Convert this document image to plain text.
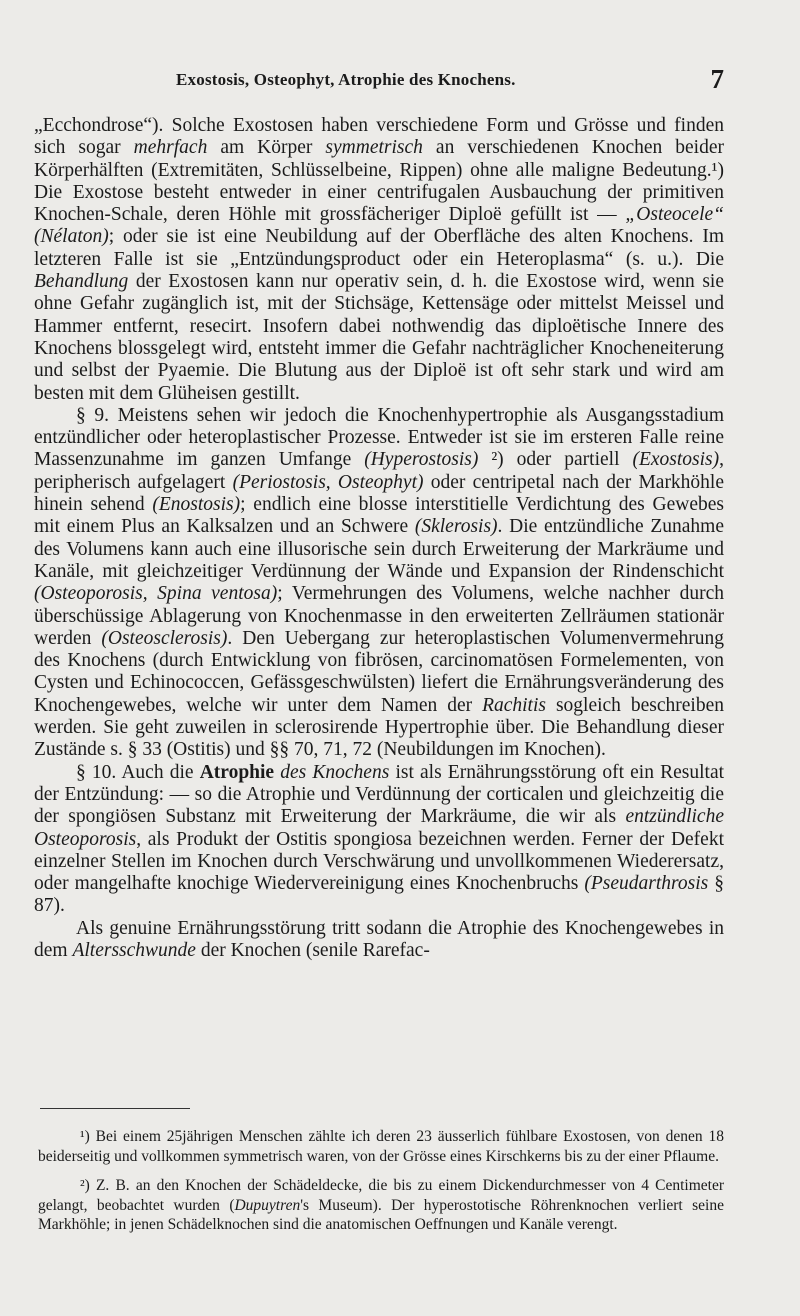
Exostosis, Osteophyt, Atrophie des Knochens.	7

„Ecchondrose“). Solche Exostosen haben verschiedene Form und Grösse und finden sich sogar mehrfach am Körper symmetrisch an verschiedenen Knochen beider Körperhälften (Extremitäten, Schlüsselbeine, Rippen) ohne alle maligne Bedeutung.¹) Die Exostose besteht entweder in einer centrifugalen Ausbauchung der primitiven Knochen-Schale, deren Höhle mit grossfächeriger Diploë gefüllt ist — „Osteocele“ (Nélaton); oder sie ist eine Neubildung auf der Oberfläche des alten Knochens. Im letzteren Falle ist sie „Entzündungsproduct oder ein Heteroplasma“ (s. u.). Die Behandlung der Exostosen kann nur operativ sein, d. h. die Exostose wird, wenn sie ohne Gefahr zugänglich ist, mit der Stichsäge, Kettensäge oder mittelst Meissel und Hammer entfernt, resecirt. Insofern dabei nothwendig das diploëtische Innere des Knochens blossgelegt wird, entsteht immer die Gefahr nachträglicher Knocheneiterung und selbst der Pyaemie. Die Blutung aus der Diploë ist oft sehr stark und wird am besten mit dem Glüheisen gestillt.

§ 9. Meistens sehen wir jedoch die Knochenhypertrophie als Ausgangsstadium entzündlicher oder heteroplastischer Prozesse. Entweder ist sie im ersteren Falle reine Massenzunahme im ganzen Umfange (Hyperostosis) ²) oder partiell (Exostosis), peripherisch aufgelagert (Periostosis, Osteophyt) oder centripetal nach der Markhöhle hinein sehend (Enostosis); endlich eine blosse interstitielle Verdichtung des Gewebes mit einem Plus an Kalksalzen und an Schwere (Sklerosis). Die entzündliche Zunahme des Volumens kann auch eine illusorische sein durch Erweiterung der Markräume und Kanäle, mit gleichzeitiger Verdünnung der Wände und Expansion der Rindenschicht (Osteoporosis, Spina ventosa); Vermehrungen des Volumens, welche nachher durch überschüssige Ablagerung von Knochenmasse in den erweiterten Zellräumen stationär werden (Osteosclerosis). Den Uebergang zur heteroplastischen Volumenvermehrung des Knochens (durch Entwicklung von fibrösen, carcinomatösen Formelementen, von Cysten und Echinococcen, Gefässgeschwülsten) liefert die Ernährungsveränderung des Knochengewebes, welche wir unter dem Namen der Rachitis sogleich beschreiben werden. Sie geht zuweilen in sclerosirende Hypertrophie über. Die Behandlung dieser Zustände s. § 33 (Ostitis) und §§ 70, 71, 72 (Neubildungen im Knochen).

§ 10. Auch die Atrophie des Knochens ist als Ernährungsstörung oft ein Resultat der Entzündung: — so die Atrophie und Verdünnung der corticalen und gleichzeitig die der spongiösen Substanz mit Erweiterung der Markräume, die wir als entzündliche Osteoporosis, als Produkt der Ostitis spongiosa bezeichnen werden. Ferner der Defekt einzelner Stellen im Knochen durch Verschwärung und unvollkommenen Wiederersatz, oder mangelhafte knochige Wiedervereinigung eines Knochenbruchs (Pseudarthrosis § 87).

Als genuine Ernährungsstörung tritt sodann die Atrophie des Knochengewebes in dem Altersschwunde der Knochen (senile Rarefac-

¹) Bei einem 25jährigen Menschen zählte ich deren 23 äusserlich fühlbare Exostosen, von denen 18 beiderseitig und vollkommen symmetrisch waren, von der Grösse eines Kirschkerns bis zu der einer Pflaume.

²) Z. B. an den Knochen der Schädeldecke, die bis zu einem Dickendurchmesser von 4 Centimeter gelangt, beobachtet wurden (Dupuytren's Museum). Der hyperostotische Röhrenknochen verliert seine Markhöhle; in jenen Schädelknochen sind die anatomischen Oeffnungen und Kanäle verengt.
